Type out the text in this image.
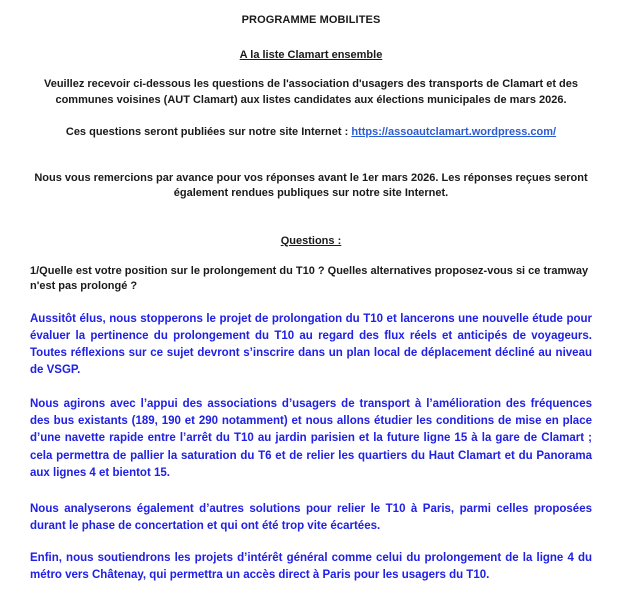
PROGRAMME MOBILITES

A la liste Clamart ensemble

Veuillez recevoir ci-dessous les questions de l'association d'usagers des transports de Clamart et des communes voisines (AUT Clamart) aux listes candidates aux élections municipales de mars 2026.

Ces questions seront publiées sur notre site Internet : https://assoautclamart.wordpress.com/

Nous vous remercions par avance pour vos réponses avant le 1er mars 2026. Les réponses reçues seront également rendues publiques sur notre site Internet.

Questions :

1/Quelle est votre position sur le prolongement du T10 ? Quelles alternatives proposez-vous si ce tramway n'est pas prolongé ?

Aussitôt élus, nous stopperons le projet de prolongation du T10 et lancerons une nouvelle étude pour évaluer la pertinence du prolongement du T10 au regard des flux réels et anticipés de voyageurs. Toutes réflexions sur ce sujet devront s’inscrire dans un plan local de déplacement décliné au niveau de VSGP.

Nous agirons avec l’appui des associations d’usagers de transport à l’amélioration des fréquences des bus existants (189, 190 et 290 notamment) et nous allons étudier les conditions de mise en place d’une navette rapide entre l’arrêt du T10 au jardin parisien et la future ligne 15 à la gare de Clamart ; cela permettra de pallier la saturation du T6 et de relier les quartiers du Haut Clamart et du Panorama aux lignes 4 et bientot 15.

Nous analyserons également d’autres solutions pour relier le T10 à Paris, parmi celles proposées durant le phase de concertation et qui ont été trop vite écartées.

Enfin, nous soutiendrons les projets d’intérêt général comme celui du prolongement de la ligne 4 du métro vers Châtenay, qui permettra un accès direct à Paris pour les usagers du T10.
